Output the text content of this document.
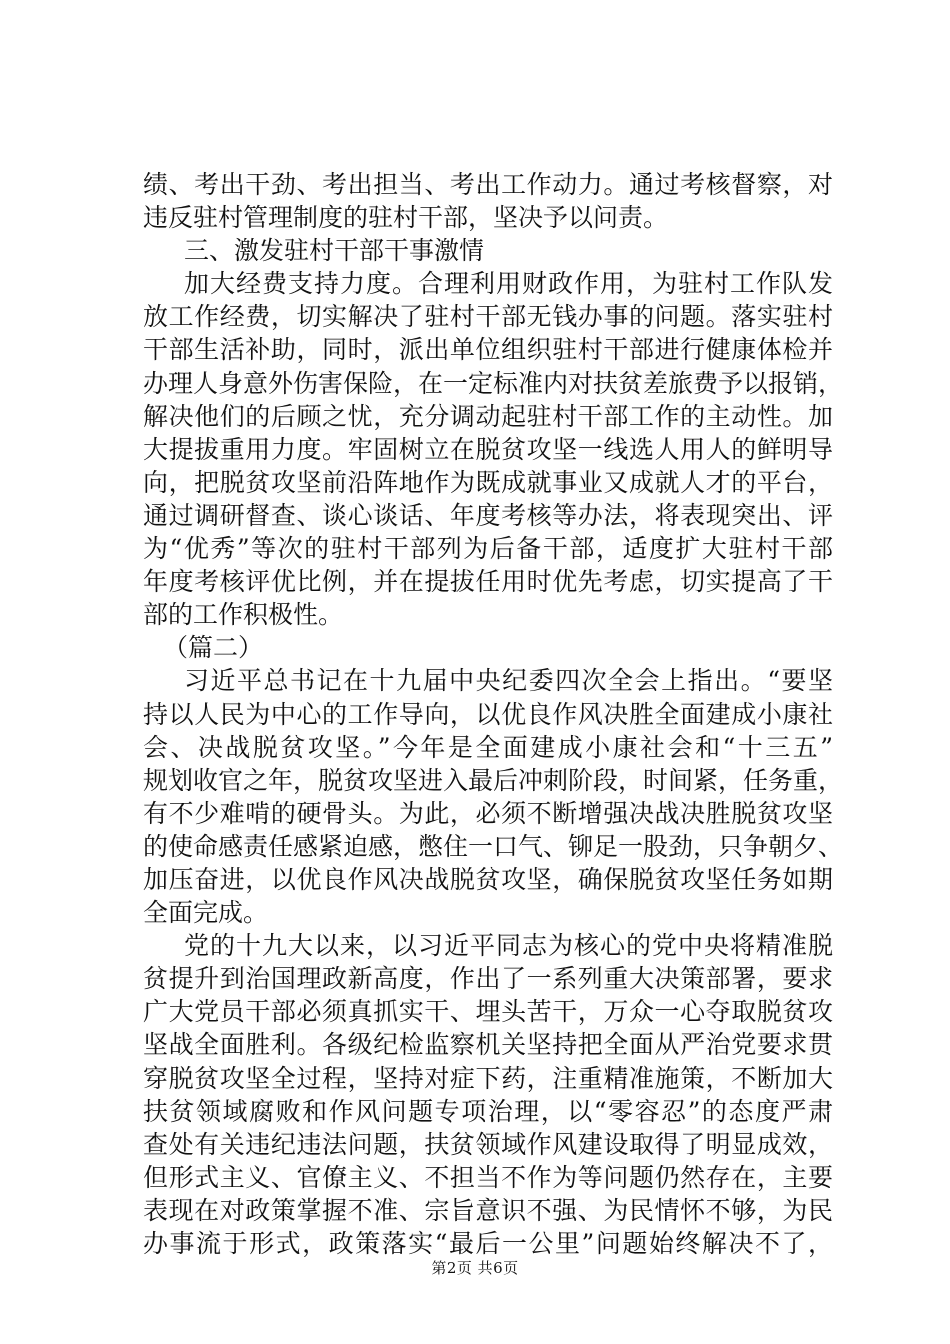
绩、考出干劲、考出担当、考出工作动力。通过考核督察，对
违反驻村管理制度的驻村干部，坚决予以问责。
三、激发驻村干部干事激情
加大经费支持力度。合理利用财政作用，为驻村工作队发
放工作经费，切实解决了驻村干部无钱办事的问题。落实驻村
干部生活补助，同时，派出单位组织驻村干部进行健康体检并
办理人身意外伤害保险，在一定标准内对扶贫差旅费予以报销，
解决他们的后顾之忧，充分调动起驻村干部工作的主动性。加
大提拔重用力度。牢固树立在脱贫攻坚一线选人用人的鲜明导
向，把脱贫攻坚前沿阵地作为既成就事业又成就人才的平台，
通过调研督查、谈心谈话、年度考核等办法，将表现突出、评
为“优秀”等次的驻村干部列为后备干部，适度扩大驻村干部
年度考核评优比例，并在提拔任用时优先考虑，切实提高了干
部的工作积极性。
（篇二）
习近平总书记在十九届中央纪委四次全会上指出。“要坚
持以人民为中心的工作导向，以优良作风决胜全面建成小康社
会、决战脱贫攻坚。”今年是全面建成小康社会和“十三五”
规划收官之年，脱贫攻坚进入最后冲刺阶段，时间紧，任务重，
有不少难啃的硬骨头。为此，必须不断增强决战决胜脱贫攻坚
的使命感责任感紧迫感，憋住一口气、铆足一股劲，只争朝夕、
加压奋进，以优良作风决战脱贫攻坚，确保脱贫攻坚任务如期
全面完成。
党的十九大以来，以习近平同志为核心的党中央将精准脱
贫提升到治国理政新高度，作出了一系列重大决策部署，要求
广大党员干部必须真抓实干、埋头苦干，万众一心夺取脱贫攻
坚战全面胜利。各级纪检监察机关坚持把全面从严治党要求贯
穿脱贫攻坚全过程，坚持对症下药，注重精准施策，不断加大
扶贫领域腐败和作风问题专项治理，以“零容忍”的态度严肃
查处有关违纪违法问题，扶贫领域作风建设取得了明显成效，
但形式主义、官僚主义、不担当不作为等问题仍然存在，主要
表现在对政策掌握不准、宗旨意识不强、为民情怀不够，为民
办事流于形式，政策落实“最后一公里”问题始终解决不了，
第2页 共6页
